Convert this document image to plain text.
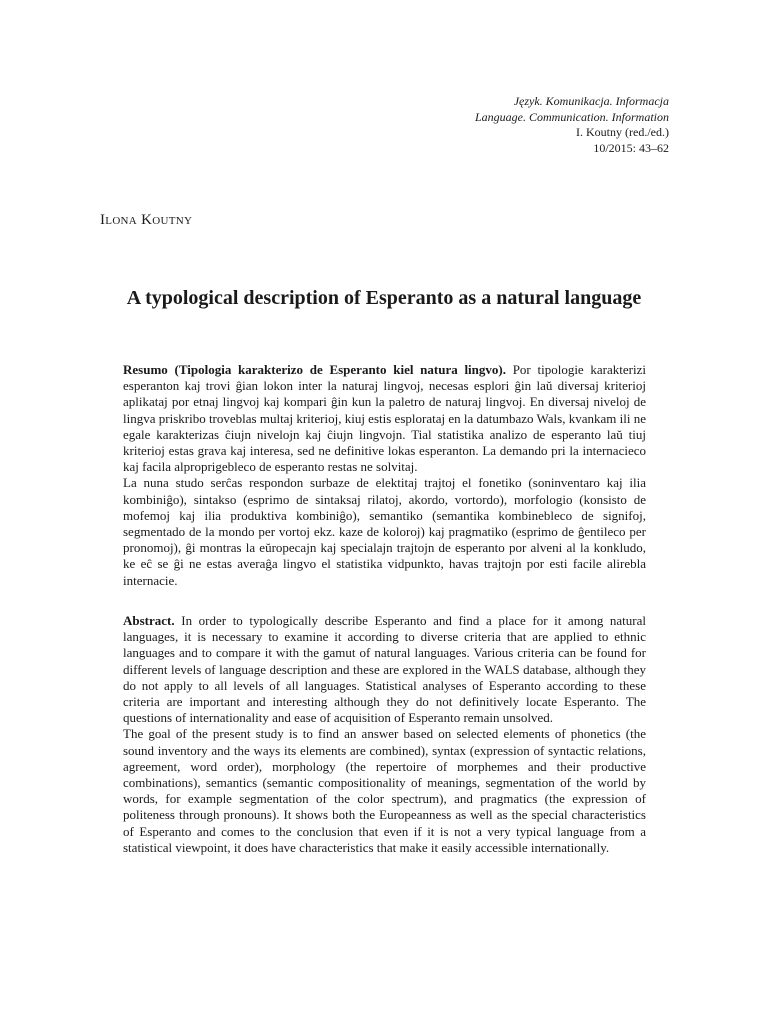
Język. Komunikacja. Informacja
Language. Communication. Information
I. Koutny (red./ed.)
10/2015: 43–62
Ilona Koutny
A typological description of Esperanto as a natural language

Resumo (Tipologia karakterizo de Esperanto kiel natura lingvo). Por tipologie karakterizi esperanton kaj trovi ĝian lokon inter la naturaj lingvoj, necesas esplori ĝin laŭ diversaj kriterioj aplikataj por etnaj lingvoj kaj kompari ĝin kun la paletro de naturaj lingvoj. En diversaj niveloj de lingva priskribo troveblas multaj kriterioj, kiuj estis esplorataj en la datumbazo Wals, kvankam ili ne egale karakterizas ĉiujn nivelojn kaj ĉiujn lingvojn. Tial statistika analizo de esperanto laŭ tiuj kriterioj estas grava kaj interesa, sed ne definitive lokas esperanton. La demando pri la internacieco kaj facila alproprigebleco de esperanto restas ne solvitaj.

La nuna studo serĉas respondon surbaze de elektitaj trajtoj el fonetiko (soninventaro kaj ilia kombiniĝo), sintakso (esprimo de sintaksaj rilatoj, akordo, vortordo), morfologio (konsisto de mofemoj kaj ilia produktiva kombiniĝo), semantiko (semantika kombinebleco de signifoj, segmentado de la mondo per vortoj ekz. kaze de koloroj) kaj pragmatiko (esprimo de ĝentileco per pronomoj), ĝi montras la eŭropecajn kaj specialajn trajtojn de esperanto por alveni al la konkludo, ke eĉ se ĝi ne estas averaĝa lingvo el statistika vidpunkto, havas trajtojn por esti facile alirebla internacie.

Abstract. In order to typologically describe Esperanto and find a place for it among natural languages, it is necessary to examine it according to diverse criteria that are applied to ethnic languages and to compare it with the gamut of natural languages. Various criteria can be found for different levels of language description and these are explored in the WALS database, although they do not apply to all levels of all languages. Statistical analyses of Esperanto according to these criteria are important and interesting although they do not definitively locate Esperanto. The questions of internationality and ease of acquisition of Esperanto remain unsolved.

The goal of the present study is to find an answer based on selected elements of phonetics (the sound inventory and the ways its elements are combined), syntax (expression of syntactic relations, agreement, word order), morphology (the repertoire of morphemes and their productive combinations), semantics (semantic compositionality of meanings, segmentation of the world by words, for example segmentation of the color spectrum), and pragmatics (the expression of politeness through pronouns). It shows both the Europeanness as well as the special characteristics of Esperanto and comes to the conclusion that even if it is not a very typical language from a statistical viewpoint, it does have characteristics that make it easily accessible internationally.
